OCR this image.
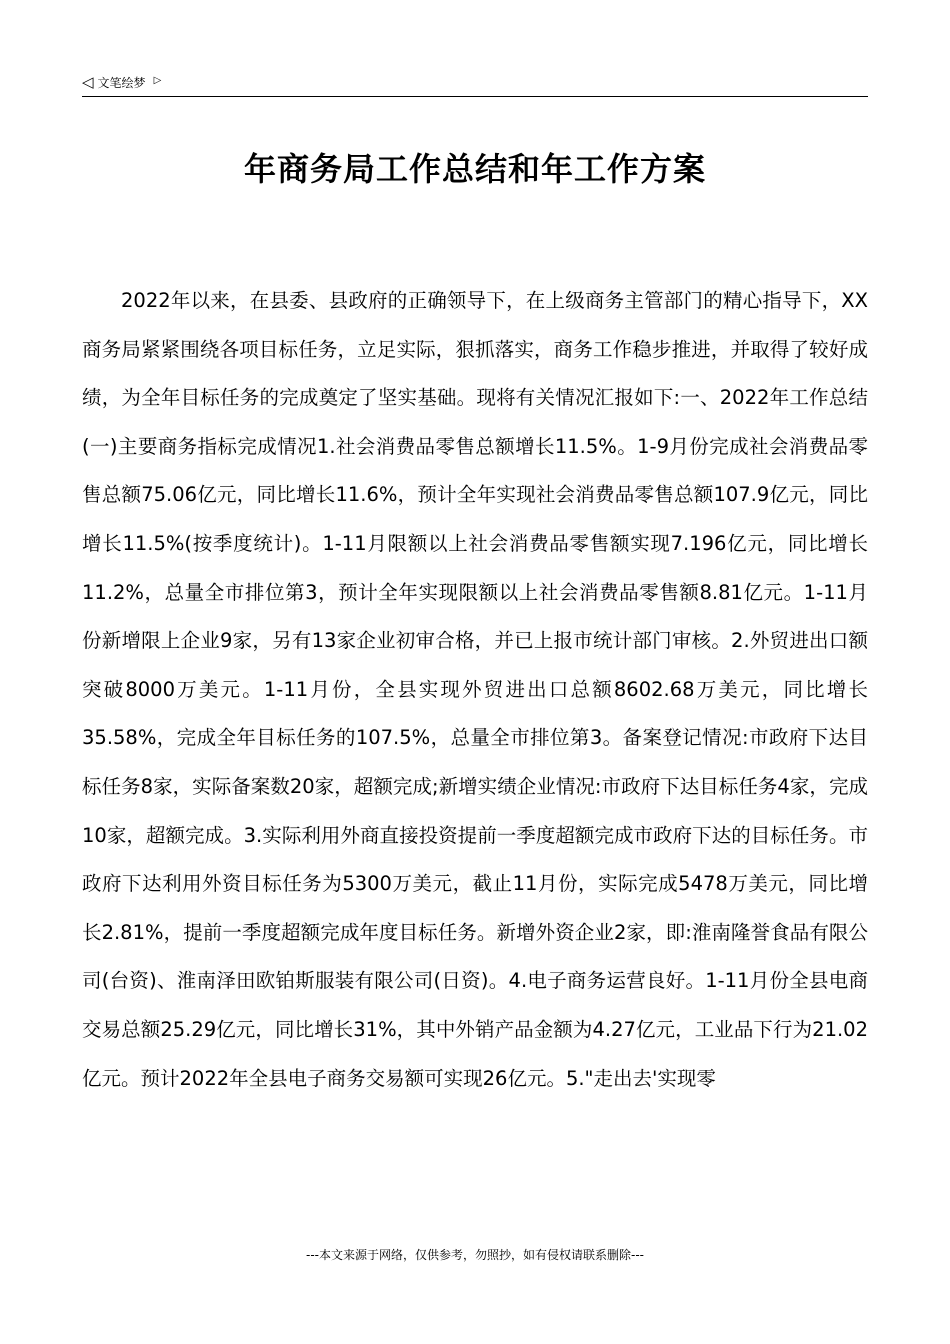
◁ 文笔绘梦 ▷
年商务局工作总结和年工作方案

2022年以来，在县委、县政府的正确领导下，在上级商务主管部门的精心指导下，XX商务局紧紧围绕各项目标任务，立足实际，狠抓落实，商务工作稳步推进，并取得了较好成绩，为全年目标任务的完成奠定了坚实基础。现将有关情况汇报如下:一、2022年工作总结(一)主要商务指标完成情况1.社会消费品零售总额增长11.5%。1-9月份完成社会消费品零售总额75.06亿元，同比增长11.6%，预计全年实现社会消费品零售总额107.9亿元，同比增长11.5%(按季度统计)。1-11月限额以上社会消费品零售额实现7.196亿元，同比增长11.2%，总量全市排位第3，预计全年实现限额以上社会消费品零售额8.81亿元。1-11月份新增限上企业9家，另有13家企业初审合格，并已上报市统计部门审核。2.外贸进出口额突破8000万美元。1-11月份，全县实现外贸进出口总额8602.68万美元，同比增长35.58%，完成全年目标任务的107.5%，总量全市排位第3。备案登记情况:市政府下达目标任务8家，实际备案数20家，超额完成;新增实绩企业情况:市政府下达目标任务4家，完成10家，超额完成。3.实际利用外商直接投资提前一季度超额完成市政府下达的目标任务。市政府下达利用外资目标任务为5300万美元，截止11月份，实际完成5478万美元，同比增长2.81%，提前一季度超额完成年度目标任务。新增外资企业2家，即:淮南隆誉食品有限公司(台资)、淮南泽田欧铂斯服装有限公司(日资)。4.电子商务运营良好。1-11月份全县电商交易总额25.29亿元，同比增长31%，其中外销产品金额为4.27亿元，工业品下行为21.02亿元。预计2022年全县电子商务交易额可实现26亿元。5."走出去'实现零

---本文来源于网络，仅供参考，勿照抄，如有侵权请联系删除---
